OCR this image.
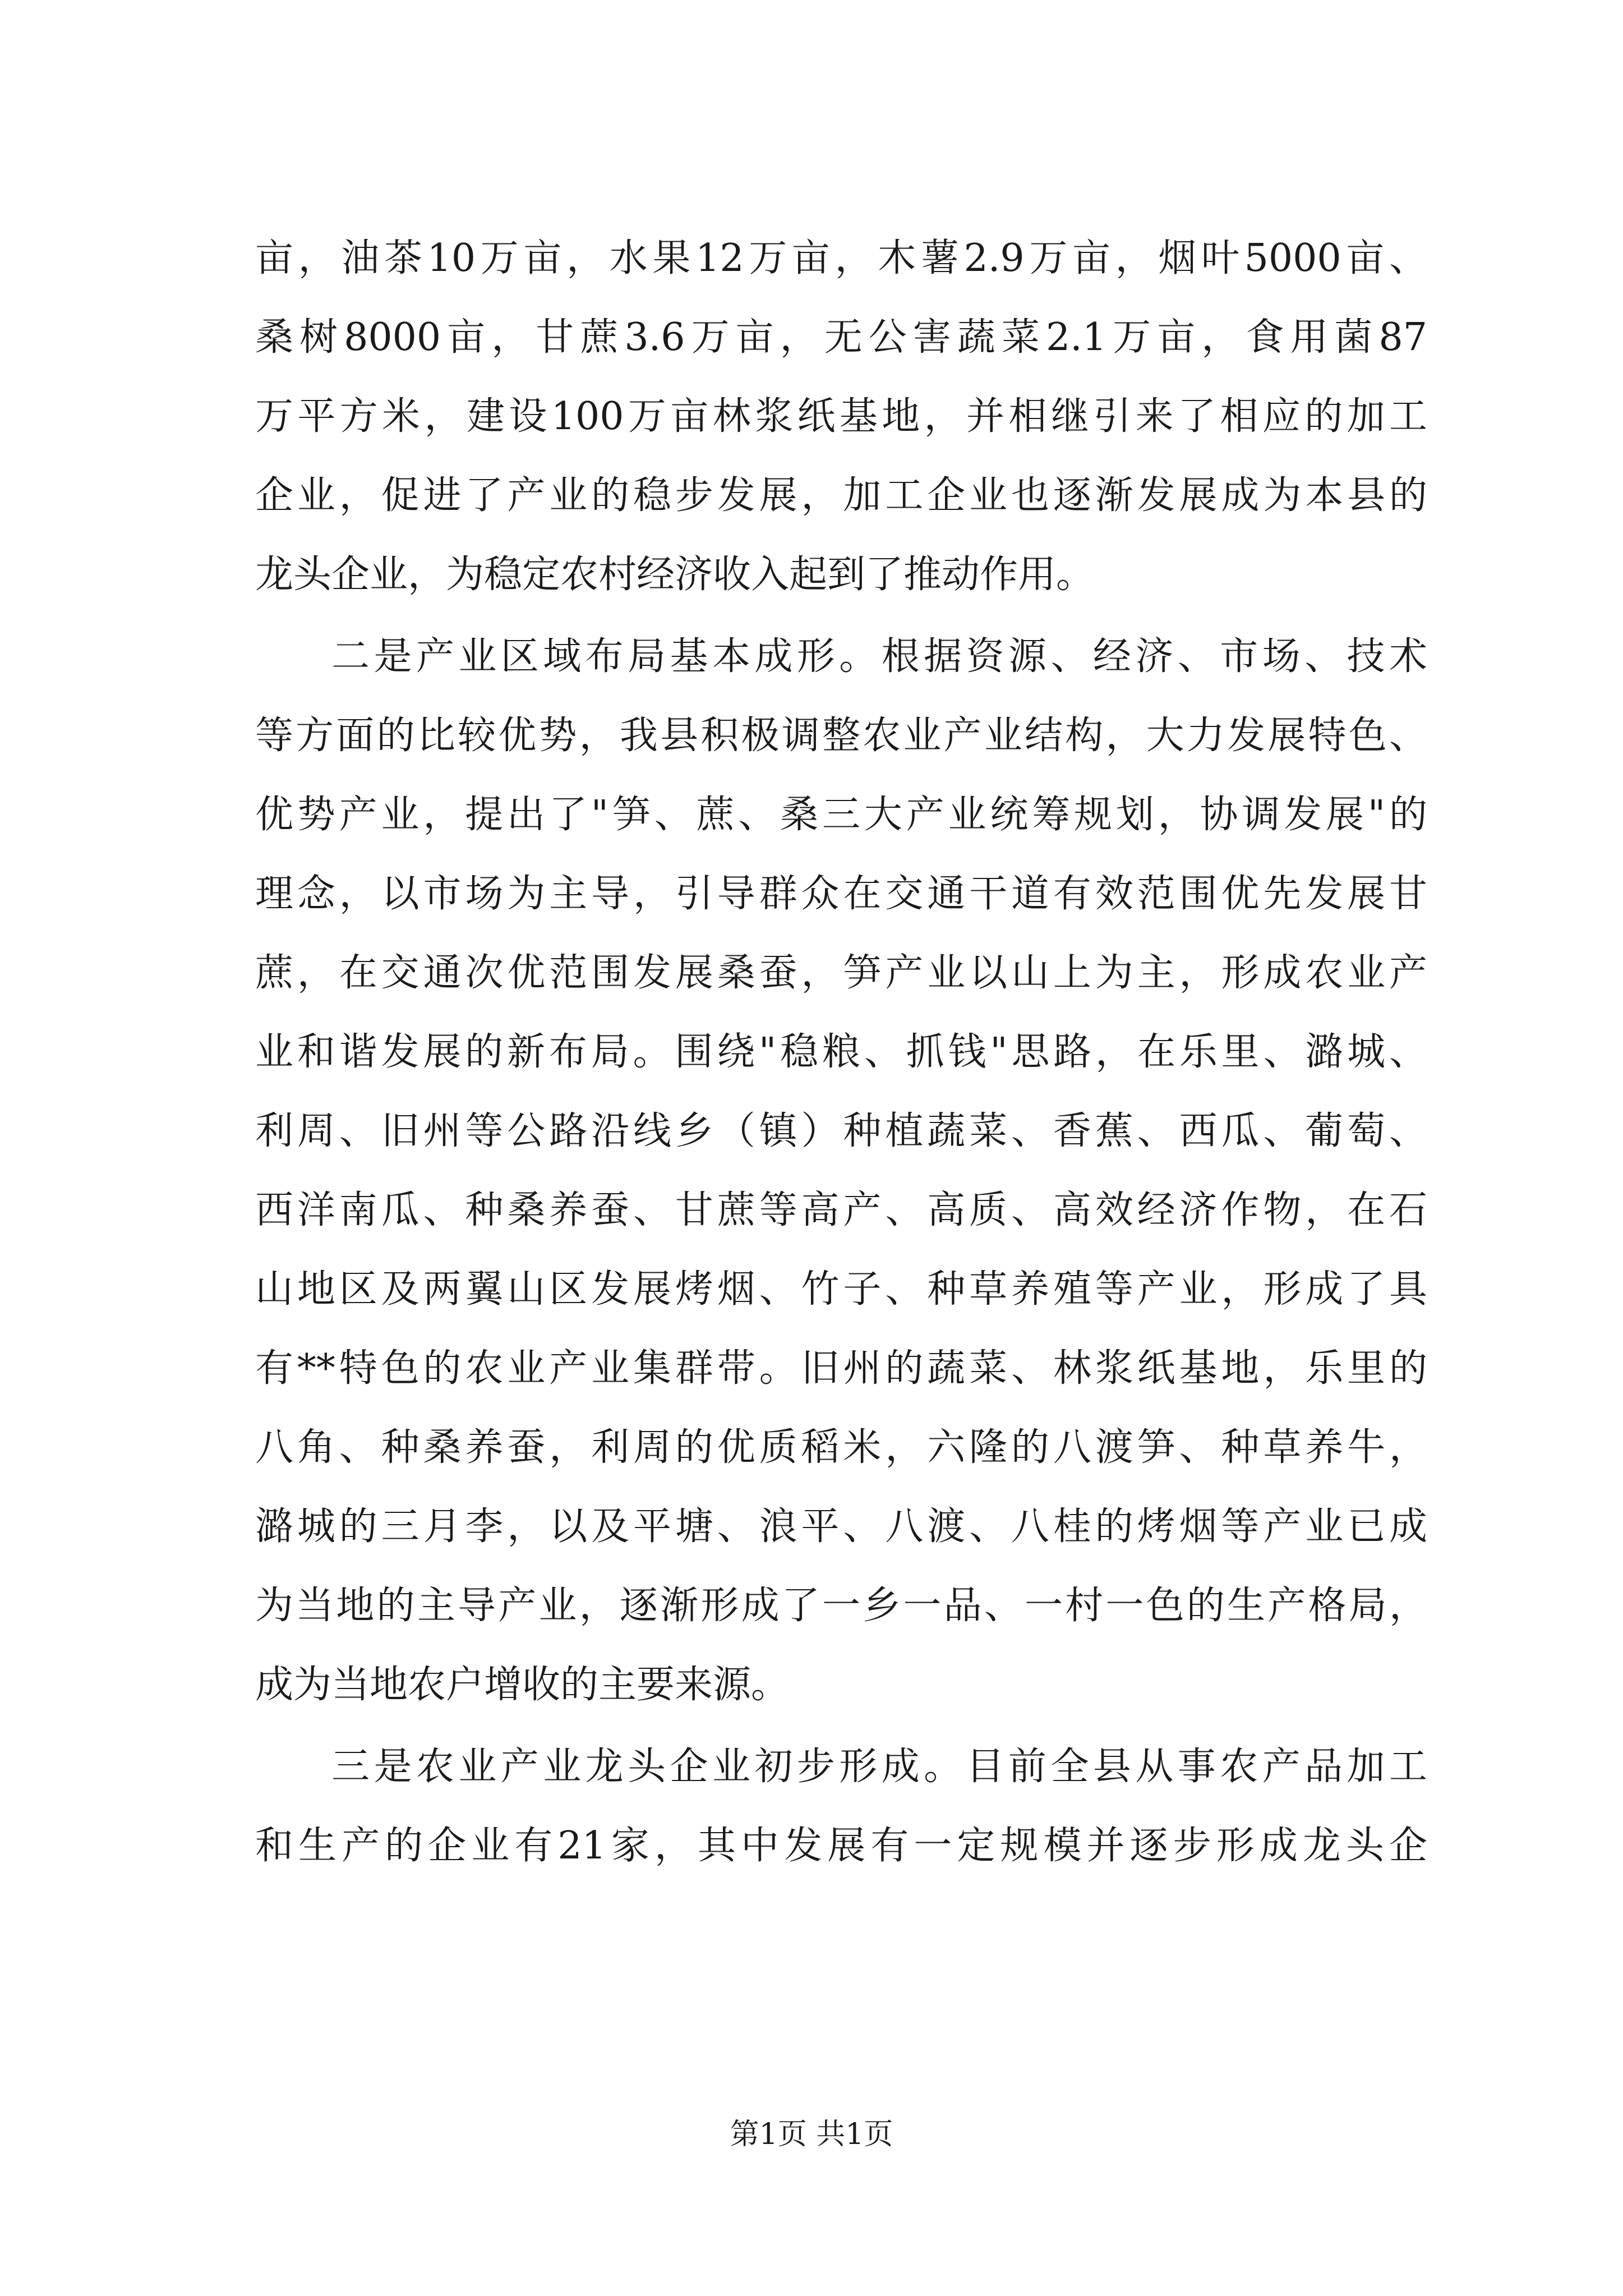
亩，油茶10万亩，水果12万亩，木薯2.9万亩，烟叶5000亩、
桑树8000亩，甘蔗3.6万亩，无公害蔬菜2.1万亩，食用菌87
万平方米，建设100万亩林浆纸基地，并相继引来了相应的加工
企业，促进了产业的稳步发展，加工企业也逐渐发展成为本县的
龙头企业，为稳定农村经济收入起到了推动作用。
二是产业区域布局基本成形。根据资源、经济、市场、技术
等方面的比较优势，我县积极调整农业产业结构，大力发展特色、
优势产业，提出了"笋、蔗、桑三大产业统筹规划，协调发展"的
理念，以市场为主导，引导群众在交通干道有效范围优先发展甘
蔗，在交通次优范围发展桑蚕，笋产业以山上为主，形成农业产
业和谐发展的新布局。围绕"稳粮、抓钱"思路，在乐里、潞城、
利周、旧州等公路沿线乡（镇）种植蔬菜、香蕉、西瓜、葡萄、
西洋南瓜、种桑养蚕、甘蔗等高产、高质、高效经济作物，在石
山地区及两翼山区发展烤烟、竹子、种草养殖等产业，形成了具
有**特色的农业产业集群带。旧州的蔬菜、林浆纸基地，乐里的
八角、种桑养蚕，利周的优质稻米，六隆的八渡笋、种草养牛，
潞城的三月李，以及平塘、浪平、八渡、八桂的烤烟等产业已成
为当地的主导产业，逐渐形成了一乡一品、一村一色的生产格局，
成为当地农户增收的主要来源。
三是农业产业龙头企业初步形成。目前全县从事农产品加工
和生产的企业有21家，其中发展有一定规模并逐步形成龙头企
第1页 共1页
